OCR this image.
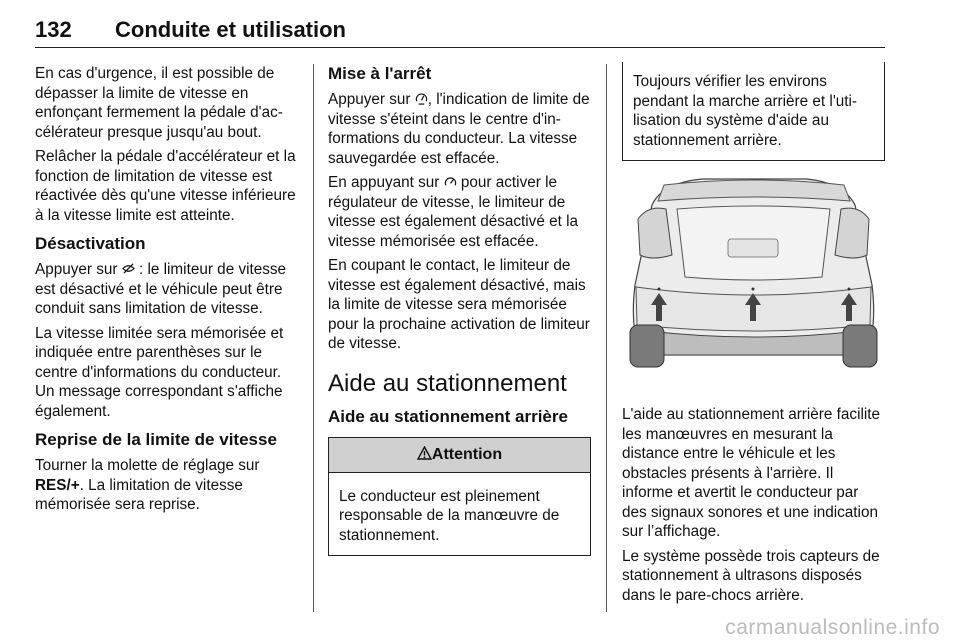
132	Conduite et utilisation

En cas d'urgence, il est possible de dépasser la limite de vitesse en enfonçant fermement la pédale d'accélérateur presque jusqu'au bout.

Relâcher la pédale d'accélérateur et la fonction de limitation de vitesse est réactivée dès qu'une vitesse inférieure à la vitesse limite est atteinte.

Désactivation

Appuyer sur  : le limiteur de vitesse est désactivé et le véhicule peut être conduit sans limitation de vitesse.

La vitesse limitée sera mémorisée et indiquée entre parenthèses sur le centre d'informations du conducteur. Un message correspondant s'affiche également.

Reprise de la limite de vitesse

Tourner la molette de réglage sur RES/+. La limitation de vitesse mémorisée sera reprise.

Mise à l'arrêt

Appuyer sur , l'indication de limite de vitesse s'éteint dans le centre d'informations du conducteur. La vitesse sauvegardée est effacée.

En appuyant sur  pour activer le régulateur de vitesse, le limiteur de vitesse est également désactivé et la vitesse mémorisée est effacée.

En coupant le contact, le limiteur de vitesse est également désactivé, mais la limite de vitesse sera mémorisée pour la prochaine activation de limiteur de vitesse.

Aide au stationnement
Aide au stationnement arrière
Attention

Le conducteur est pleinement responsable de la manœuvre de stationnement.

Toujours vérifier les environs pendant la marche arrière et l'utilisation du système d'aide au stationnement arrière.

L'aide au stationnement arrière facilite les manœuvres en mesurant la distance entre le véhicule et les obstacles présents à l'arrière. Il informe et avertit le conducteur par des signaux sonores et une indication sur l’affichage.

Le système possède trois capteurs de stationnement à ultrasons disposés dans le pare-chocs arrière.

carmanualsonline.info
